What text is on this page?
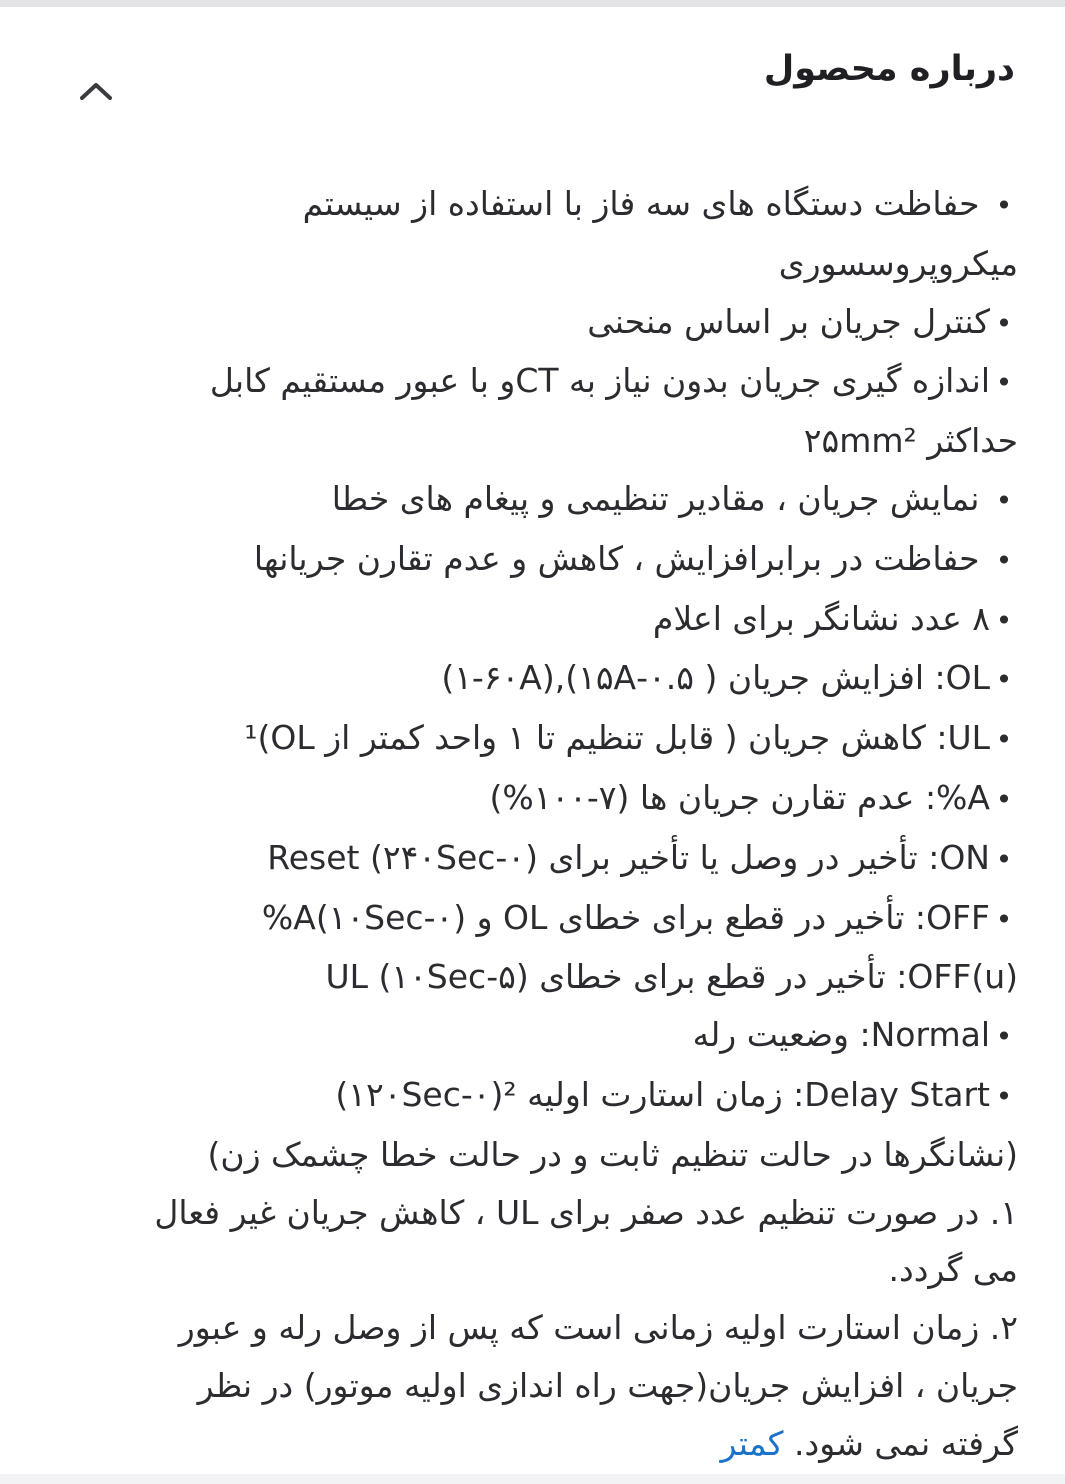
درباره محصول
• حفاظت دستگاه های سه فاز با استفاده از سیستم
میکروپروسسوری
•کنترل جریان بر اساس منحنی
•اندازه گیری جریان بدون نیاز به CTو با عبور مستقیم کابل
حداکثر ۲۵mm²
• نمایش جریان ، مقادیر تنظیمی و پیغام های خطا
• حفاظت در برابرافزایش ، کاهش و عدم تقارن جریانها
•۸ عدد نشانگر برای اعلام
•OL: افزایش جریان ( ۰.۵-۱۵A),(۱-۶۰A)
•UL: کاهش جریان ( قابل تنظیم تا ۱ واحد کمتر از OL)¹
•A%: عدم تقارن جریان ها (۷-۱۰۰%)
•ON: تأخیر در وصل یا تأخیر برای (۰-۲۴۰Sec) Reset
•OFF: تأخیر در قطع برای خطای OL و (۰-۱۰Sec)A%
OFF(u): تأخیر در قطع برای خطای (۵-۱۰Sec) UL
•Normal: وضعیت رله
•Delay Start: زمان استارت اولیه ²(۰-۱۲۰Sec)
(نشانگرها در حالت تنظیم ثابت و در حالت خطا چشمک زن)
۱. در صورت تنظیم عدد صفر برای UL ، کاهش جریان غیر فعال
می گردد.
۲. زمان استارت اولیه زمانی است که پس از وصل رله و عبور
جریان ، افزایش جریان(جهت راه اندازی اولیه موتور) در نظر
گرفته نمی شود. کمتر
